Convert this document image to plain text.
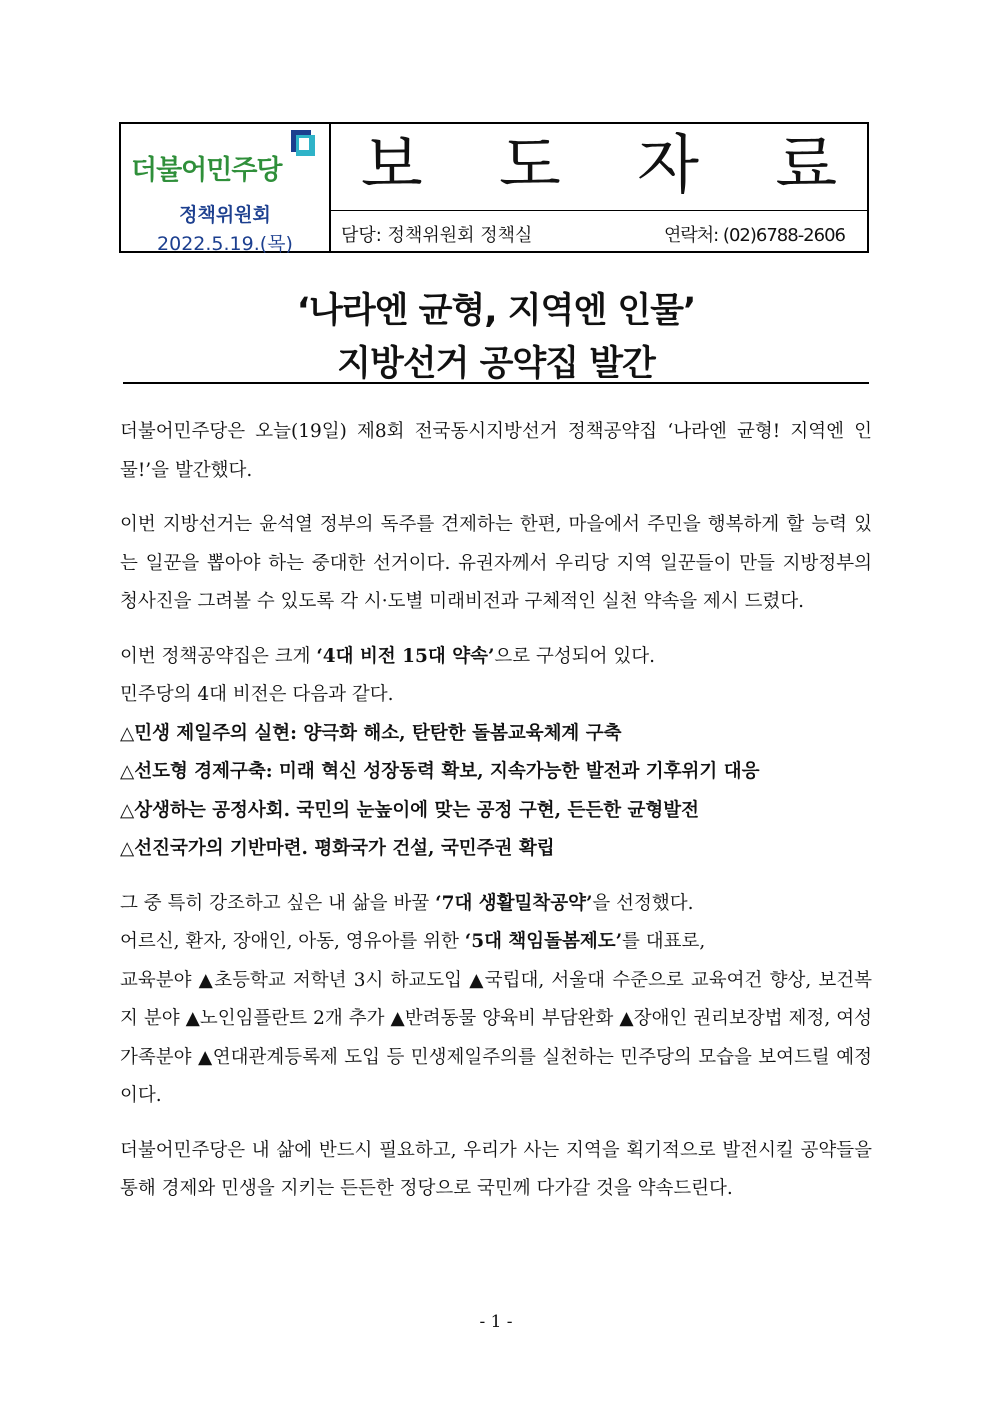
더불어민주당
정책위원회
2022.5.19.(목)
보 도 자 료
담당: 정책위원회 정책실	연락처: (02)6788-2606
‘나라엔 균형, 지역엔 인물’
지방선거 공약집 발간

더불어민주당은 오늘(19일) 제8회 전국동시지방선거 정책공약집 ‘나라엔 균형! 지역엔 인물!’을 발간했다.

이번 지방선거는 윤석열 정부의 독주를 견제하는 한편, 마을에서 주민을 행복하게 할 능력 있는 일꾼을 뽑아야 하는 중대한 선거이다. 유권자께서 우리당 지역 일꾼들이 만들 지방정부의 청사진을 그려볼 수 있도록 각 시·도별 미래비전과 구체적인 실천 약속을 제시 드렸다.

이번 정책공약집은 크게 ‘4대 비전 15대 약속’으로 구성되어 있다.

민주당의 4대 비전은 다음과 같다.

△민생 제일주의 실현: 양극화 해소, 탄탄한 돌봄교육체계 구축

△선도형 경제구축: 미래 혁신 성장동력 확보, 지속가능한 발전과 기후위기 대응

△상생하는 공정사회. 국민의 눈높이에 맞는 공정 구현, 든든한 균형발전

△선진국가의 기반마련. 평화국가 건설, 국민주권 확립

그 중 특히 강조하고 싶은 내 삶을 바꿀 ‘7대 생활밀착공약’을 선정했다.

어르신, 환자, 장애인, 아동, 영유아를 위한 ‘5대 책임돌봄제도’를 대표로,

교육분야 ▲초등학교 저학년 3시 하교도입 ▲국립대, 서울대 수준으로 교육여건 향상, 보건복지 분야 ▲노인임플란트 2개 추가 ▲반려동물 양육비 부담완화 ▲장애인 권리보장법 제정, 여성가족분야 ▲연대관계등록제 도입 등 민생제일주의를 실천하는 민주당의 모습을 보여드릴 예정이다.

더불어민주당은 내 삶에 반드시 필요하고, 우리가 사는 지역을 획기적으로 발전시킬 공약들을 통해 경제와 민생을 지키는 든든한 정당으로 국민께 다가갈 것을 약속드린다.

- 1 -
